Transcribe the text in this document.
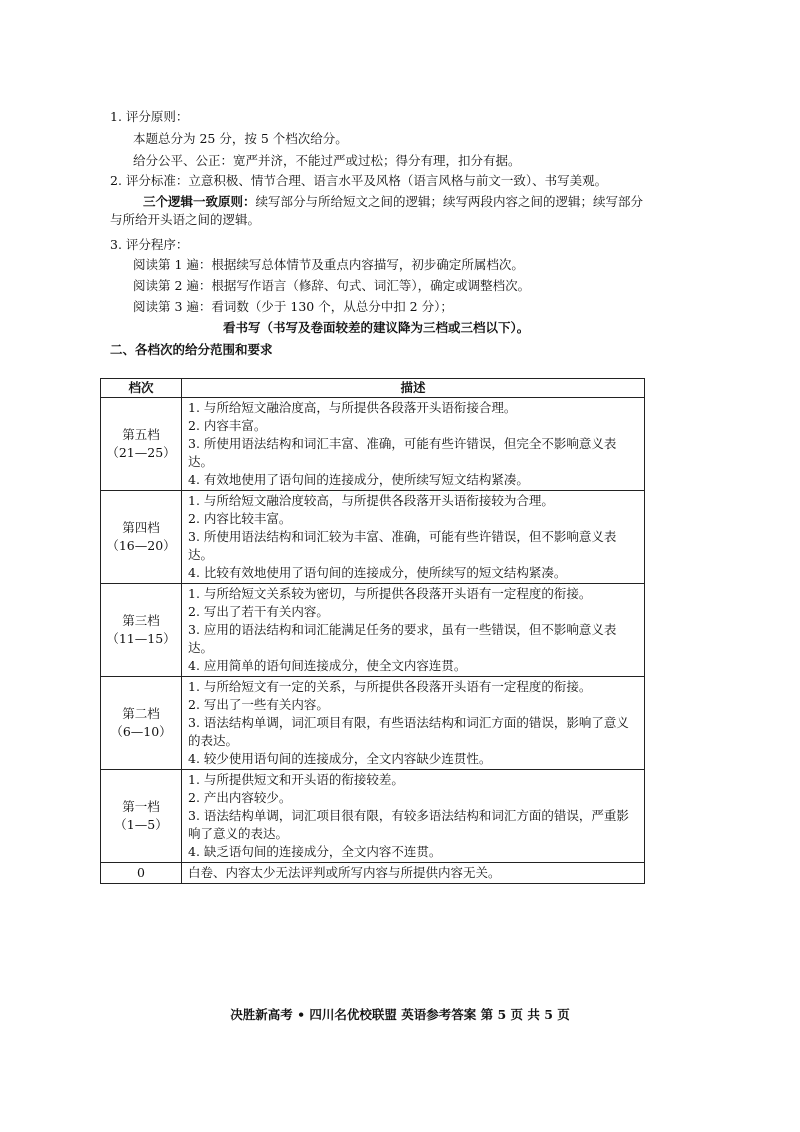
1. 评分原则：
本题总分为 25 分，按 5 个档次给分。
给分公平、公正：宽严并济，不能过严或过松；得分有理，扣分有据。
2. 评分标准：立意积极、情节合理、语言水平及风格（语言风格与前文一致）、书写美观。
三个逻辑一致原则：续写部分与所给短文之间的逻辑；续写两段内容之间的逻辑；续写部分与所给开头语之间的逻辑。
3. 评分程序：
阅读第 1 遍：根据续写总体情节及重点内容描写，初步确定所属档次。
阅读第 2 遍：根据写作语言（修辞、句式、词汇等），确定或调整档次。
阅读第 3 遍：看词数（少于 130 个，从总分中扣 2 分）；
看书写（书写及卷面较差的建议降为三档或三档以下）。
二、各档次的给分范围和要求
档次	描述

第五档
（21—25）	1. 与所给短文融洽度高，与所提供各段落开头语衔接合理。
2. 内容丰富。
3. 所使用语法结构和词汇丰富、准确，可能有些许错误，但完全不影响意义表达。
4. 有效地使用了语句间的连接成分，使所续写短文结构紧凑。

第四档
（16—20）	1. 与所给短文融洽度较高，与所提供各段落开头语衔接较为合理。
2. 内容比较丰富。
3. 所使用语法结构和词汇较为丰富、准确，可能有些许错误，但不影响意义表达。
4. 比较有效地使用了语句间的连接成分，使所续写的短文结构紧凑。

第三档
（11—15）	1. 与所给短文关系较为密切，与所提供各段落开头语有一定程度的衔接。
2. 写出了若干有关内容。
3. 应用的语法结构和词汇能满足任务的要求，虽有一些错误，但不影响意义表达。
4. 应用简单的语句间连接成分，使全文内容连贯。

第二档
（6—10）	1. 与所给短文有一定的关系，与所提供各段落开头语有一定程度的衔接。
2. 写出了一些有关内容。
3. 语法结构单调，词汇项目有限，有些语法结构和词汇方面的错误，影响了意义的表达。
4. 较少使用语句间的连接成分，全文内容缺少连贯性。

第一档
（1—5）	1. 与所提供短文和开头语的衔接较差。
2. 产出内容较少。
3. 语法结构单调，词汇项目很有限，有较多语法结构和词汇方面的错误，严重影响了意义的表达。
4. 缺乏语句间的连接成分，全文内容不连贯。

0	白卷、内容太少无法评判或所写内容与所提供内容无关。
决胜新高考 • 四川名优校联盟 英语参考答案 第 5 页 共 5 页
